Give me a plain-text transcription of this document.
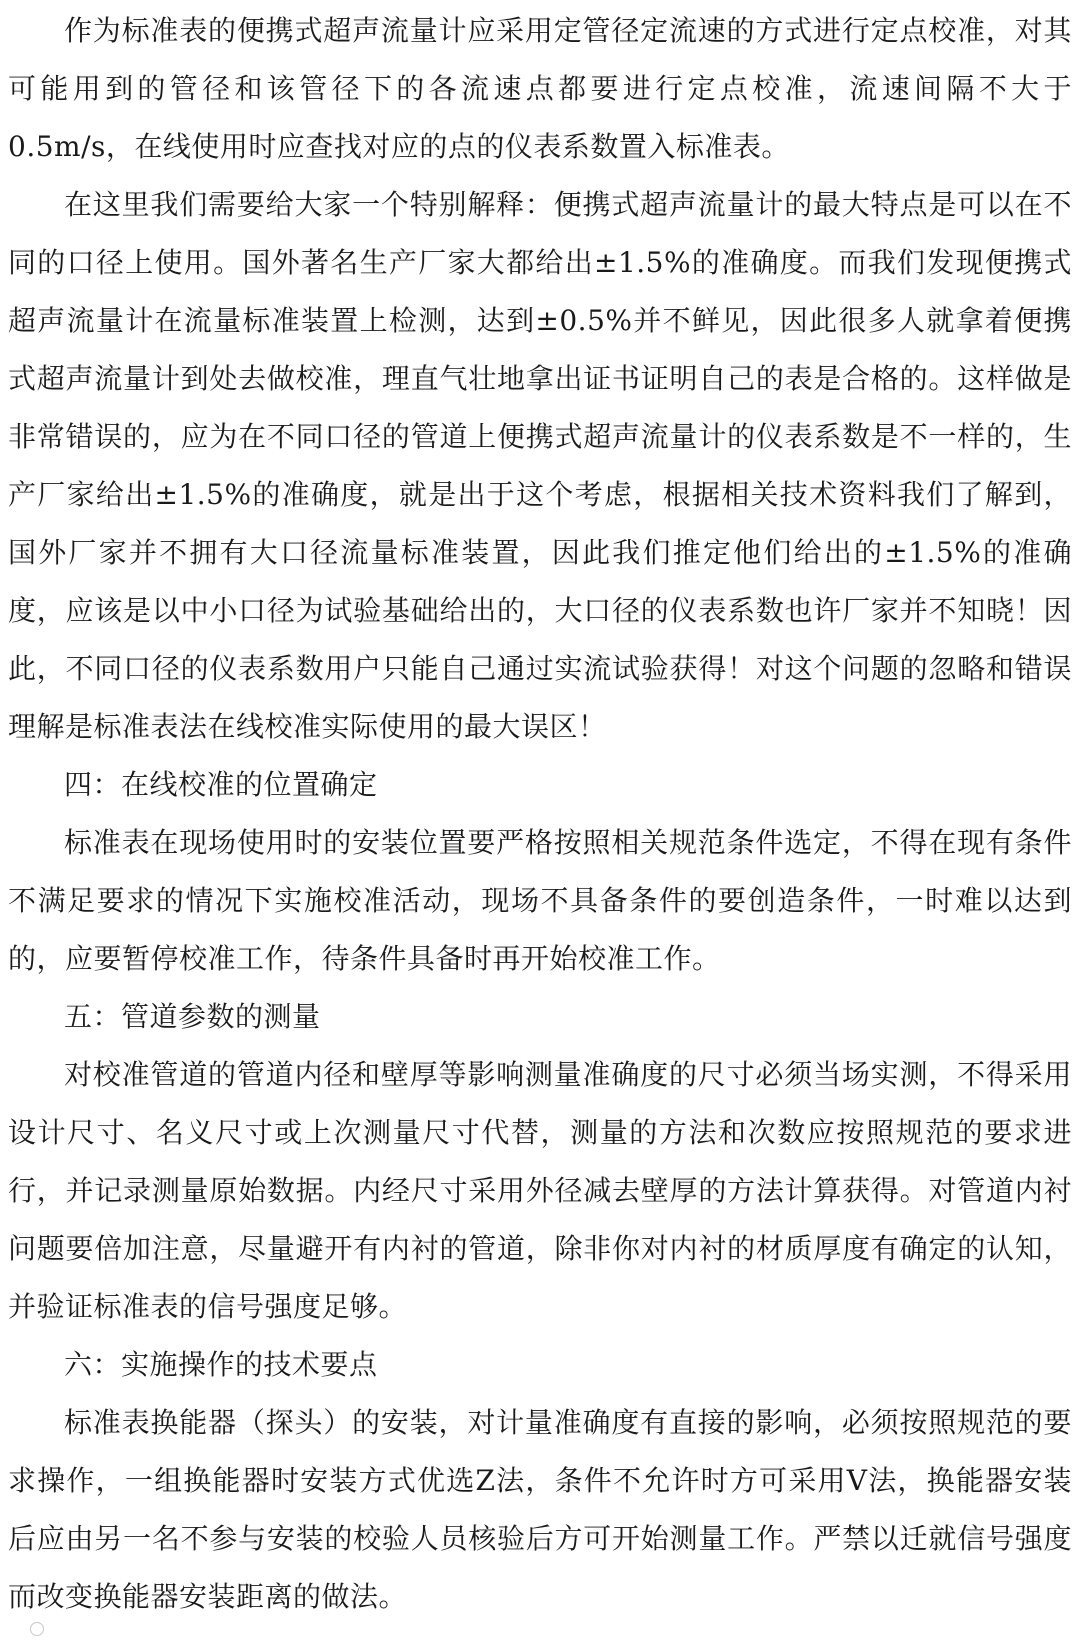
作为标准表的便携式超声流量计应采用定管径定流速的方式进行定点校准，对其可能用到的管径和该管径下的各流速点都要进行定点校准，流速间隔不大于0.5m/s，在线使用时应查找对应的点的仪表系数置入标准表。

在这里我们需要给大家一个特别解释：便携式超声流量计的最大特点是可以在不同的口径上使用。国外著名生产厂家大都给出±1.5%的准确度。而我们发现便携式超声流量计在流量标准装置上检测，达到±0.5%并不鲜见，因此很多人就拿着便携式超声流量计到处去做校准，理直气壮地拿出证书证明自己的表是合格的。这样做是非常错误的，应为在不同口径的管道上便携式超声流量计的仪表系数是不一样的，生产厂家给出±1.5%的准确度，就是出于这个考虑，根据相关技术资料我们了解到，国外厂家并不拥有大口径流量标准装置，因此我们推定他们给出的±1.5%的准确度，应该是以中小口径为试验基础给出的，大口径的仪表系数也许厂家并不知晓！因此，不同口径的仪表系数用户只能自己通过实流试验获得！对这个问题的忽略和错误理解是标准表法在线校准实际使用的最大误区！

四：在线校准的位置确定

标准表在现场使用时的安装位置要严格按照相关规范条件选定，不得在现有条件不满足要求的情况下实施校准活动，现场不具备条件的要创造条件，一时难以达到的，应要暂停校准工作，待条件具备时再开始校准工作。

五：管道参数的测量

对校准管道的管道内径和壁厚等影响测量准确度的尺寸必须当场实测，不得采用设计尺寸、名义尺寸或上次测量尺寸代替，测量的方法和次数应按照规范的要求进行，并记录测量原始数据。内经尺寸采用外径减去壁厚的方法计算获得。对管道内衬问题要倍加注意，尽量避开有内衬的管道，除非你对内衬的材质厚度有确定的认知，并验证标准表的信号强度足够。

六：实施操作的技术要点

标准表换能器（探头）的安装，对计量准确度有直接的影响，必须按照规范的要求操作，一组换能器时安装方式优选Z法，条件不允许时方可采用V法，换能器安装后应由另一名不参与安装的校验人员核验后方可开始测量工作。严禁以迁就信号强度而改变换能器安装距离的做法。
